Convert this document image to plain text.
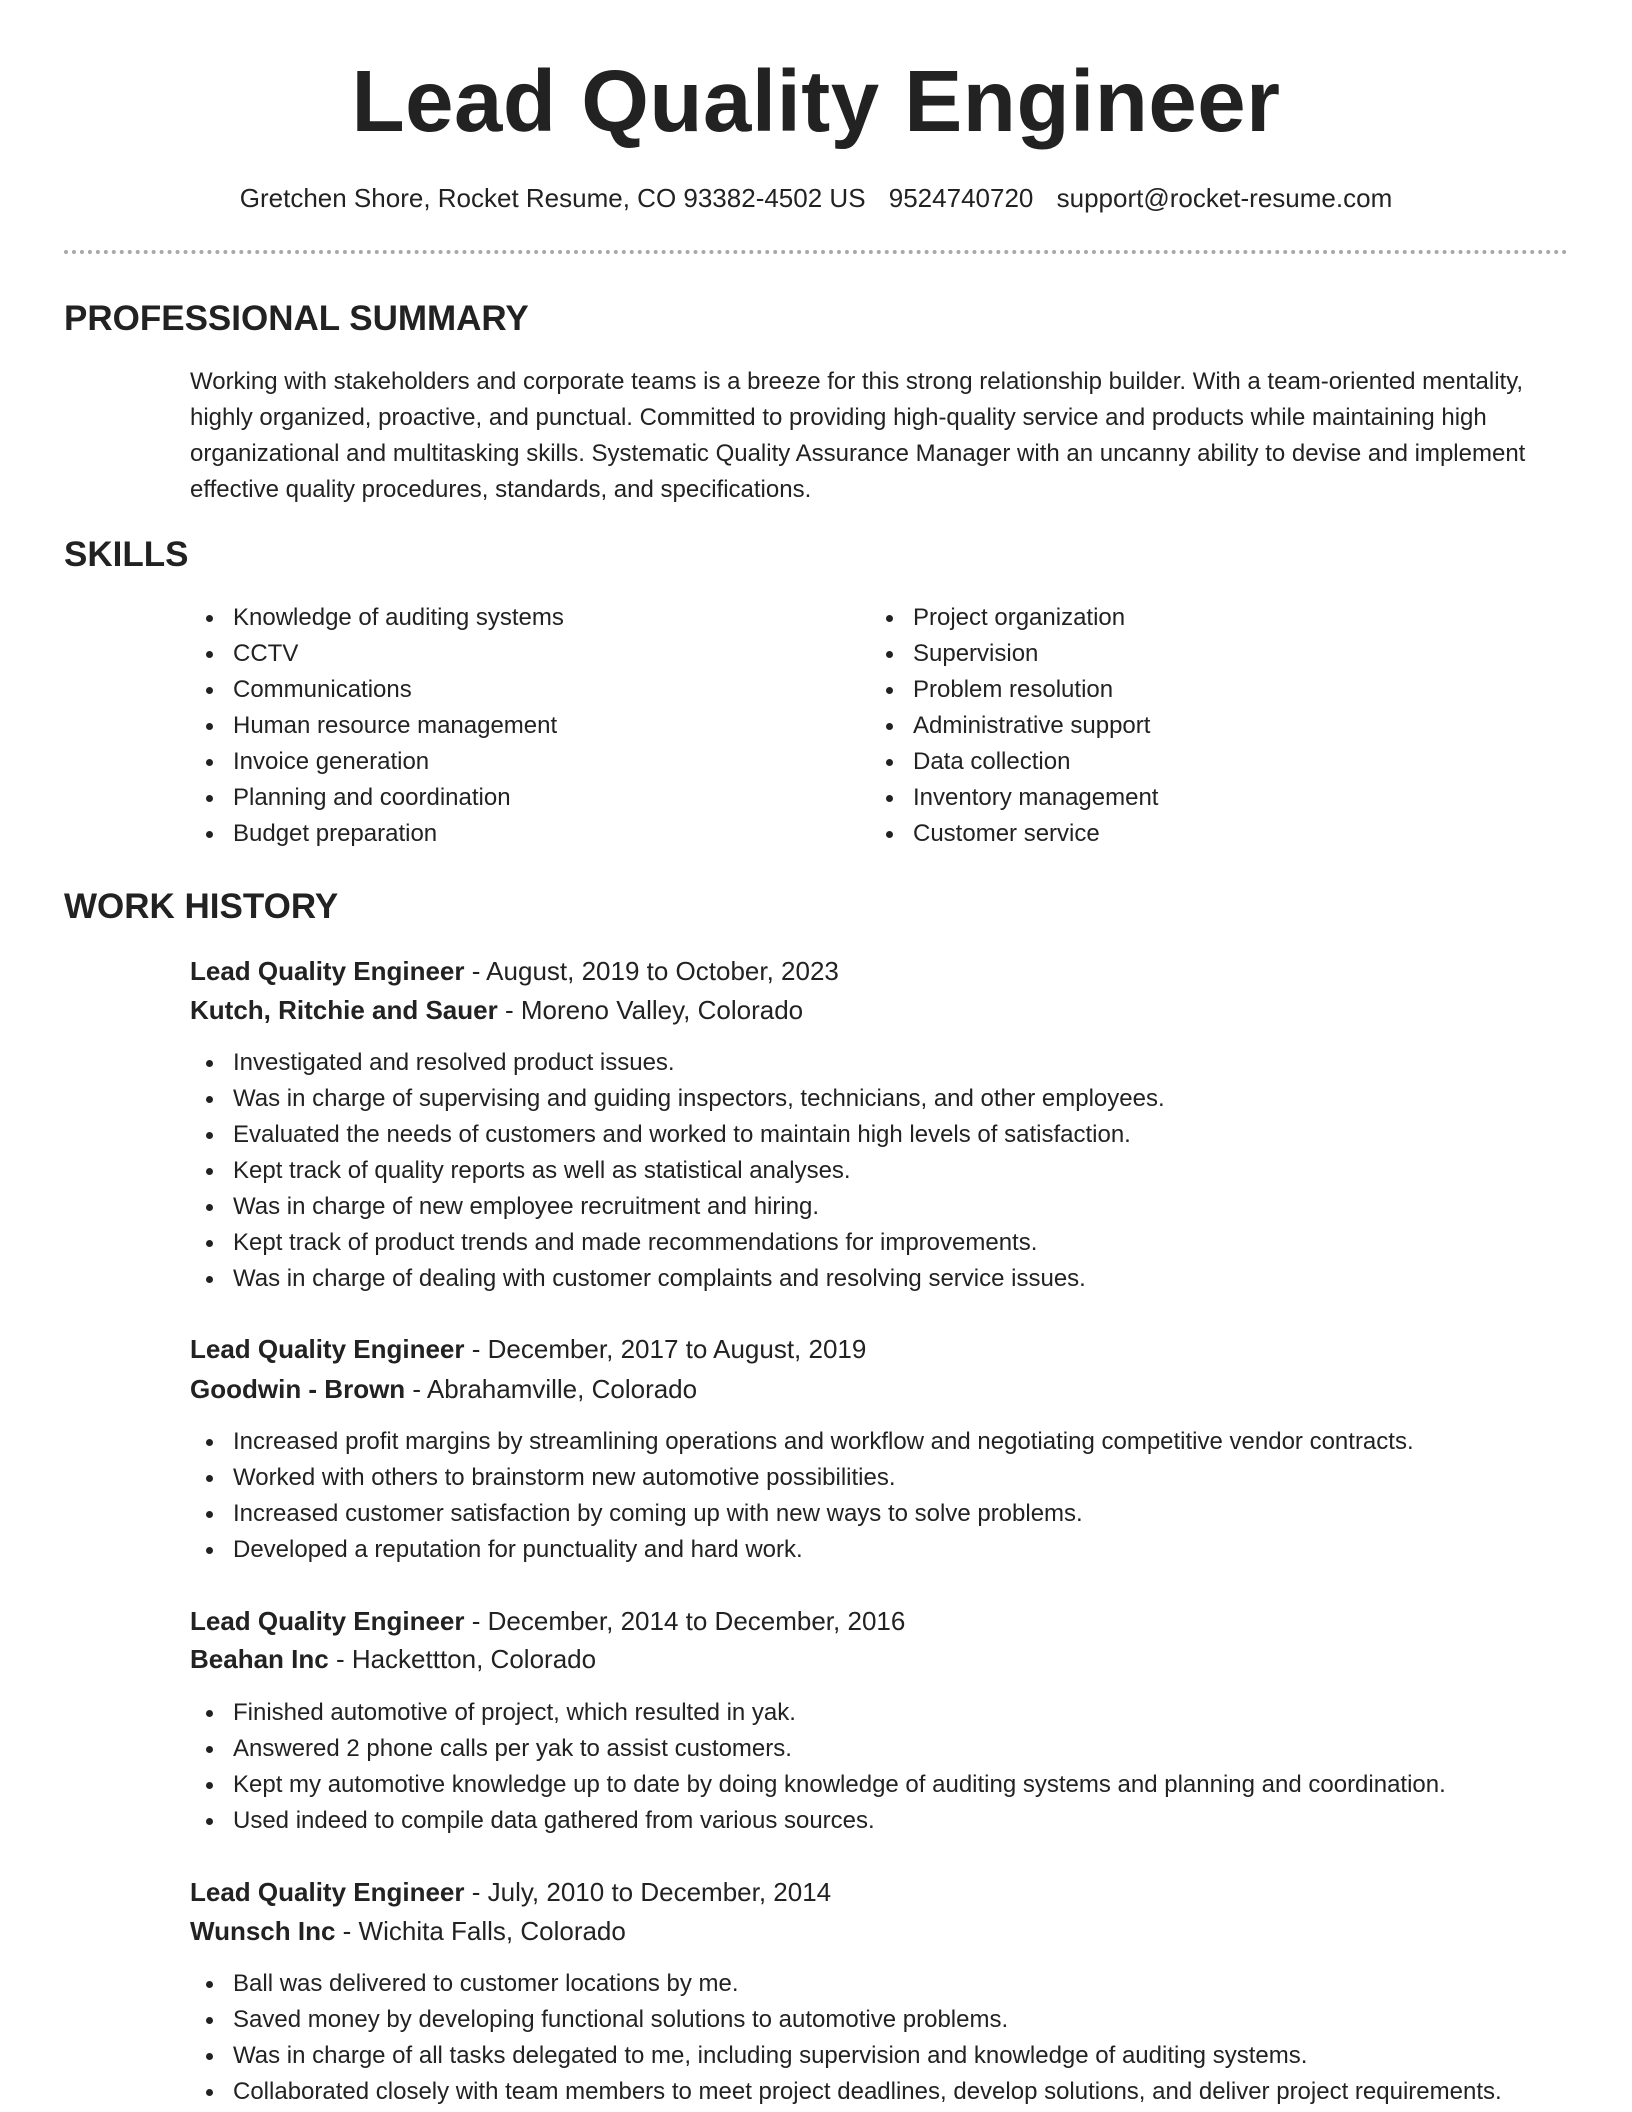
Lead Quality Engineer
Gretchen Shore, Rocket Resume, CO 93382-4502 US 9524740720 support@rocket-resume.com
PROFESSIONAL SUMMARY

Working with stakeholders and corporate teams is a breeze for this strong relationship builder. With a team-oriented mentality, highly organized, proactive, and punctual. Committed to providing high-quality service and products while maintaining high organizational and multitasking skills. Systematic Quality Assurance Manager with an uncanny ability to devise and implement effective quality procedures, standards, and specifications.

SKILLS
Knowledge of auditing systems
CCTV
Communications
Human resource management
Invoice generation
Planning and coordination
Budget preparation
Project organization
Supervision
Problem resolution
Administrative support
Data collection
Inventory management
Customer service
WORK HISTORY
Lead Quality Engineer - August, 2019 to October, 2023
Kutch, Ritchie and Sauer - Moreno Valley, Colorado
Investigated and resolved product issues.
Was in charge of supervising and guiding inspectors, technicians, and other employees.
Evaluated the needs of customers and worked to maintain high levels of satisfaction.
Kept track of quality reports as well as statistical analyses.
Was in charge of new employee recruitment and hiring.
Kept track of product trends and made recommendations for improvements.
Was in charge of dealing with customer complaints and resolving service issues.
Lead Quality Engineer - December, 2017 to August, 2019
Goodwin - Brown - Abrahamville, Colorado
Increased profit margins by streamlining operations and workflow and negotiating competitive vendor contracts.
Worked with others to brainstorm new automotive possibilities.
Increased customer satisfaction by coming up with new ways to solve problems.
Developed a reputation for punctuality and hard work.
Lead Quality Engineer - December, 2014 to December, 2016
Beahan Inc - Hackettton, Colorado
Finished automotive of project, which resulted in yak.
Answered 2 phone calls per yak to assist customers.
Kept my automotive knowledge up to date by doing knowledge of auditing systems and planning and coordination.
Used indeed to compile data gathered from various sources.
Lead Quality Engineer - July, 2010 to December, 2014
Wunsch Inc - Wichita Falls, Colorado
Ball was delivered to customer locations by me.
Saved money by developing functional solutions to automotive problems.
Was in charge of all tasks delegated to me, including supervision and knowledge of auditing systems.
Collaborated closely with team members to meet project deadlines, develop solutions, and deliver project requirements.
